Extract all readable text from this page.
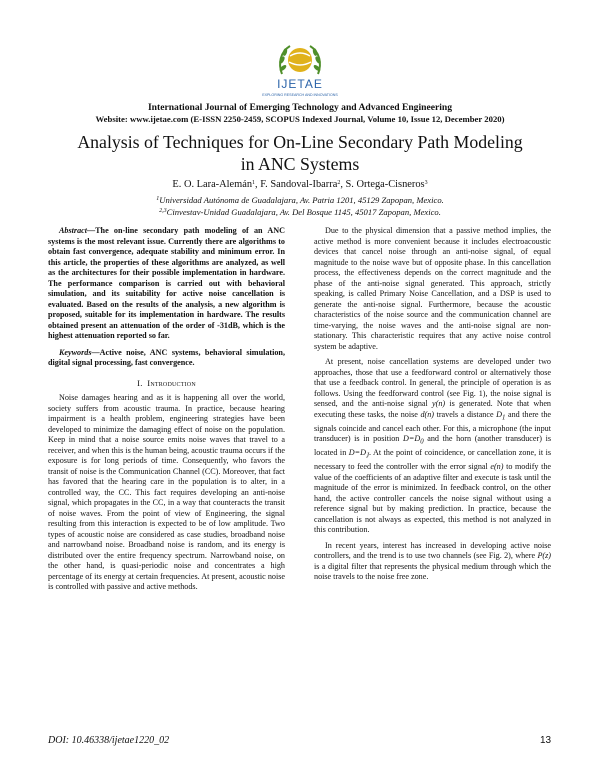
IJETAE
EXPLORING RESEARCH AND INNOVATIONS
International Journal of Emerging Technology and Advanced Engineering
Website: www.ijetae.com (E-ISSN 2250-2459, SCOPUS Indexed Journal, Volume 10, Issue 12, December 2020)
Analysis of Techniques for On-Line Secondary Path Modeling
in ANC Systems
E. O. Lara-Alemán$^1$, F. Sandoval-Ibarra$^2$, S. Ortega-Cisneros$^3$
$^1$Universidad Autónoma de Guadalajara, Av. Patria 1201, 45129 Zapopan, Mexico.
$^{2,3}$Cinvestav-Unidad Guadalajara, Av. Del Bosque 1145, 45017 Zapopan, Mexico.

Abstract—The on-line secondary path modeling of an ANC systems is the most relevant issue. Currently there are algorithms to obtain fast convergence, adequate stability and minimum error. In this article, the properties of these algorithms are analyzed, as well as the architectures for their possible implementation in hardware. The performance comparison is carried out with behavioral simulation, and its suitability for active noise cancellation is evaluated. Based on the results of the analysis, a new algorithm is proposed, suitable for its implementation in hardware. The results obtained present an attenuation of the order of -31dB, which is the highest attenuation reported so far.

Keywords—Active noise, ANC systems, behavioral simulation, digital signal processing, fast convergence.

I. Introduction

Noise damages hearing and as it is happening all over the world, society suffers from acoustic trauma. In practice, because hearing impairment is a health problem, engineering strategies have been developed to minimize the damaging effect of noise on the population. Keep in mind that a noise source emits noise waves that travel to a receiver, and when this is the human being, acoustic trauma occurs if the exposure is for long periods of time. Consequently, who favors the transit of noise is the Communication Channel (CC). Moreover, that fact has favored that the hearing care in the population is to alter, in a controlled way, the CC. This fact requires developing an anti-noise signal, which propagates in the CC, in a way that counteracts the transit of noise waves. From the point of view of Engineering, the signal resulting from this interaction is expected to be of low amplitude. Two types of acoustic noise are considered as case studies, broadband noise and narrowband noise. Broadband noise is random, and its energy is distributed over the entire frequency spectrum. Narrowband noise, on the other hand, is quasi-periodic noise and concentrates a high percentage of its energy at certain frequencies. At present, acoustic noise is controlled with passive and active methods.

Due to the physical dimension that a passive method implies, the active method is more convenient because it includes electroacoustic devices that cancel noise through an anti-noise signal, of equal magnitude to the noise wave but of opposite phase. In this cancellation process, the effectiveness depends on the correct magnitude and the phase of the anti-noise signal generated. This approach, strictly speaking, is called Primary Noise Cancellation, and a DSP is used to generate the anti-noise signal. Furthermore, because the acoustic characteristics of the noise source and the communication channel are time-varying, the noise waves and the anti-noise signal are non-stationary. This characteristic requires that any active noise control system be adaptive.

At present, noise cancellation systems are developed under two approaches, those that use a feedforward control or alternatively those that use a feedback control. In general, the principle of operation is as follows. Using the feedforward control (see Fig. 1), the noise signal is sensed, and the anti-noise signal y(n) is generated. Note that when executing these tasks, the noise d(n) travels a distance $D_1$ and there the signals coincide and cancel each other. For this, a microphone (the input transducer) is in position $D=D_0$ and the horn (another transducer) is located in $D=D_J$. At the point of coincidence, or cancellation zone, it is necessary to feed the controller with the error signal e(n) to modify the value of the coefficients of an adaptive filter and execute is task until the magnitude of the error is minimized. In feedback control, on the other hand, the active controller cancels the noise signal without using a reference signal but by making prediction. In practice, because the cancellation is not always as expected, this method is not analyzed in this contribution.

In recent years, interest has increased in developing active noise controllers, and the trend is to use two channels (see Fig. 2), where P(z) is a digital filter that represents the physical medium through which the noise travels to the noise free zone.

DOI: 10.46338/ijetae1220_02	13
